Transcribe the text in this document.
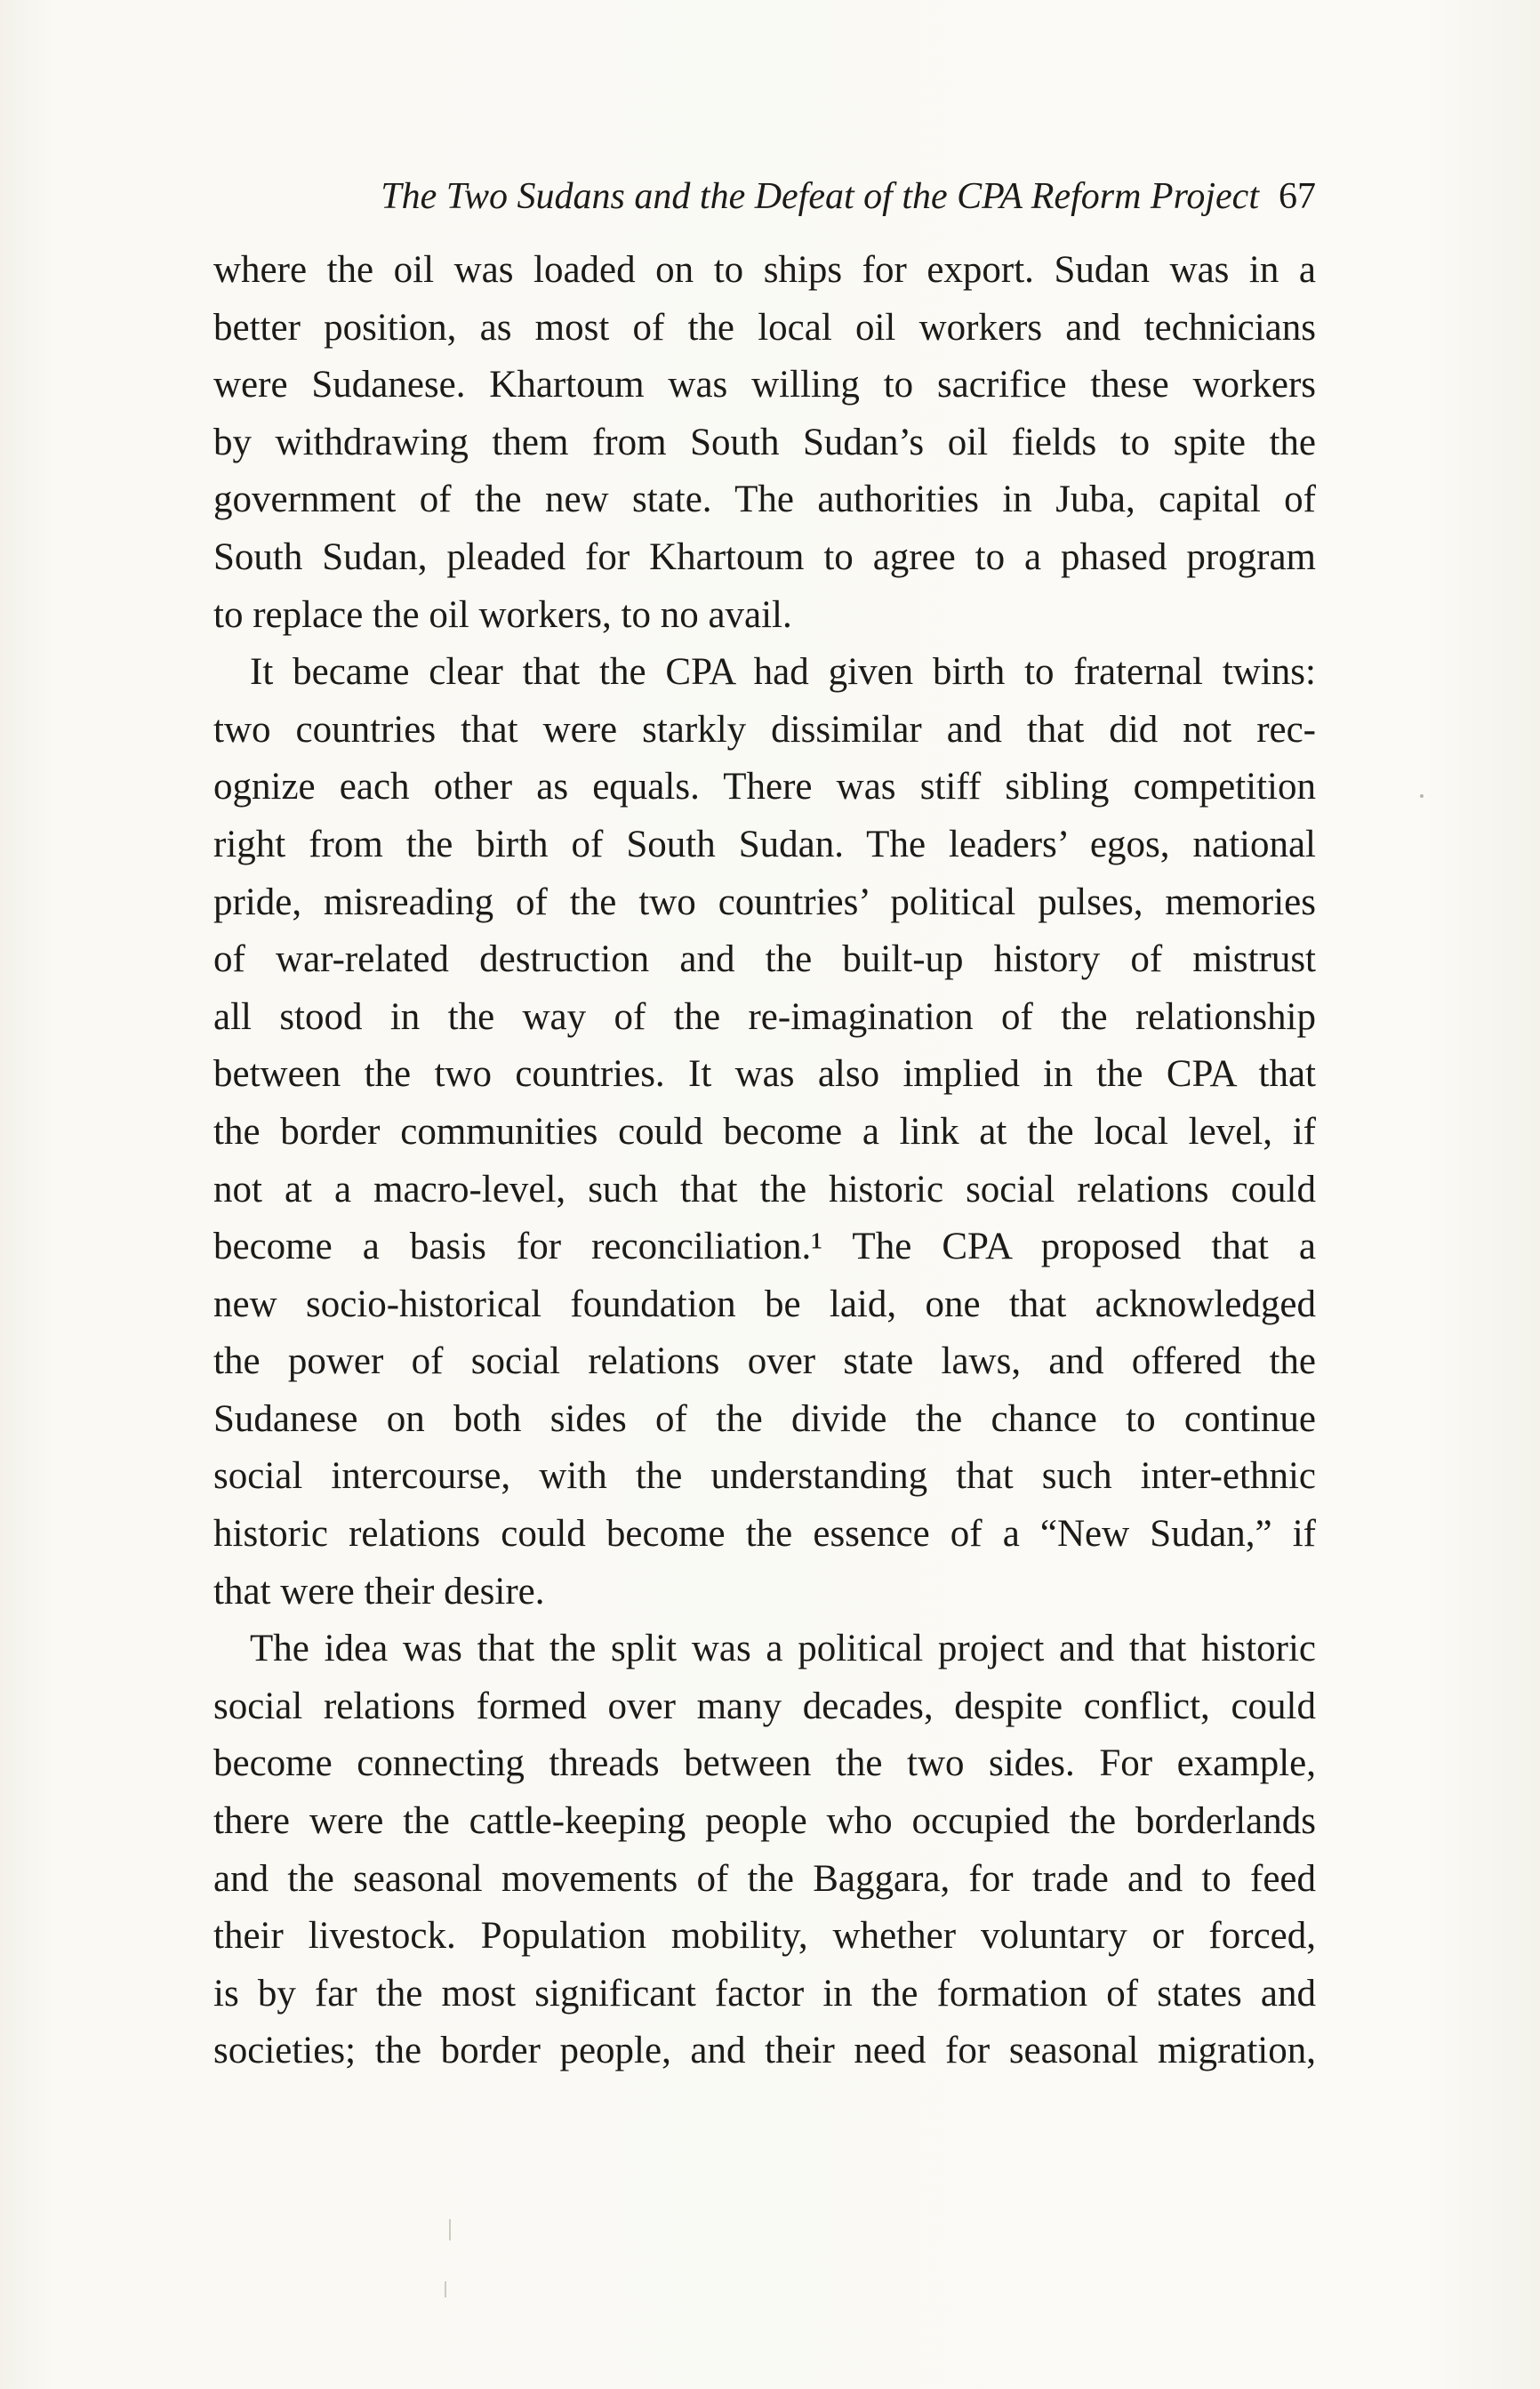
The Two Sudans and the Defeat of the CPA Reform Project 67
where the oil was loaded on to ships for export. Sudan was in a
better position, as most of the local oil workers and technicians
were Sudanese. Khartoum was willing to sacrifice these workers
by withdrawing them from South Sudan’s oil fields to spite the
government of the new state. The authorities in Juba, capital of
South Sudan, pleaded for Khartoum to agree to a phased program
to replace the oil workers, to no avail.
It became clear that the CPA had given birth to fraternal twins:
two countries that were starkly dissimilar and that did not rec-
ognize each other as equals. There was stiff sibling competition
right from the birth of South Sudan. The leaders’ egos, national
pride, misreading of the two countries’ political pulses, memories
of war-related destruction and the built-up history of mistrust
all stood in the way of the re-imagination of the relationship
between the two countries. It was also implied in the CPA that
the border communities could become a link at the local level, if
not at a macro-level, such that the historic social relations could
become a basis for reconciliation.¹ The CPA proposed that a
new socio-historical foundation be laid, one that acknowledged
the power of social relations over state laws, and offered the
Sudanese on both sides of the divide the chance to continue
social intercourse, with the understanding that such inter-ethnic
historic relations could become the essence of a “New Sudan,” if
that were their desire.
The idea was that the split was a political project and that historic
social relations formed over many decades, despite conflict, could
become connecting threads between the two sides. For example,
there were the cattle-keeping people who occupied the borderlands
and the seasonal movements of the Baggara, for trade and to feed
their livestock. Population mobility, whether voluntary or forced,
is by far the most significant factor in the formation of states and
societies; the border people, and their need for seasonal migration,
